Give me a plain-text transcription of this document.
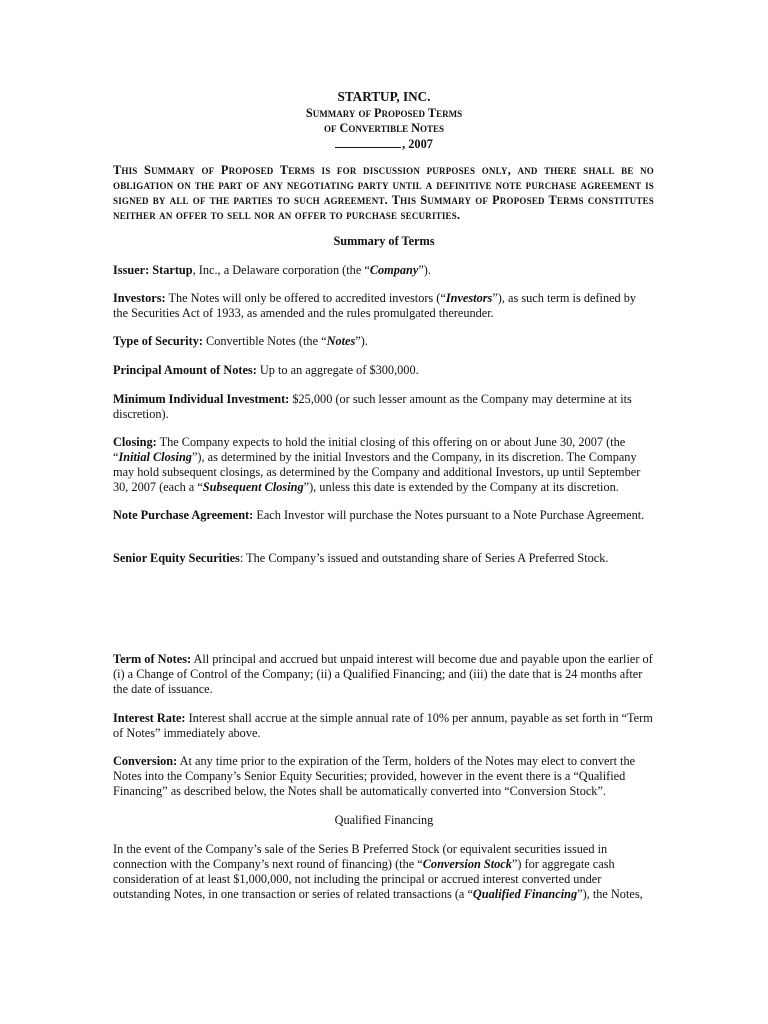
STARTUP, INC.
Summary of Proposed Terms
of Convertible Notes
, 2007
This Summary of Proposed Terms is for discussion purposes only, and there shall be no obligation on the part of any negotiating party until a definitive note purchase agreement is signed by all of the parties to such agreement. This Summary of Proposed Terms constitutes neither an offer to sell nor an offer to purchase securities.
Summary of Terms
Issuer: Startup, Inc., a Delaware corporation (the “Company”).
Investors: The Notes will only be offered to accredited investors (“Investors”), as such term is defined by the Securities Act of 1933, as amended and the rules promulgated thereunder.
Type of Security: Convertible Notes (the “Notes”).
Principal Amount of Notes: Up to an aggregate of $300,000.
Minimum Individual Investment: $25,000 (or such lesser amount as the Company may determine at its discretion).
Closing: The Company expects to hold the initial closing of this offering on or about June 30, 2007 (the “Initial Closing”), as determined by the initial Investors and the Company, in its discretion. The Company may hold subsequent closings, as determined by the Company and additional Investors, up until September 30, 2007 (each a “Subsequent Closing”), unless this date is extended by the Company at its discretion.
Note Purchase Agreement: Each Investor will purchase the Notes pursuant to a Note Purchase Agreement.
Senior Equity Securities: The Company’s issued and outstanding share of Series A Preferred Stock.
Term of Notes: All principal and accrued but unpaid interest will become due and payable upon the earlier of (i) a Change of Control of the Company; (ii) a Qualified Financing; and (iii) the date that is 24 months after the date of issuance.
Interest Rate: Interest shall accrue at the simple annual rate of 10% per annum, payable as set forth in “Term of Notes” immediately above.
Conversion: At any time prior to the expiration of the Term, holders of the Notes may elect to convert the Notes into the Company’s Senior Equity Securities; provided, however in the event there is a “Qualified Financing” as described below, the Notes shall be automatically converted into “Conversion Stock”.
Qualified Financing
In the event of the Company’s sale of the Series B Preferred Stock (or equivalent securities issued in connection with the Company’s next round of financing) (the “Conversion Stock”) for aggregate cash consideration of at least $1,000,000, not including the principal or accrued interest converted under outstanding Notes, in one transaction or series of related transactions (a “Qualified Financing”), the Notes,
